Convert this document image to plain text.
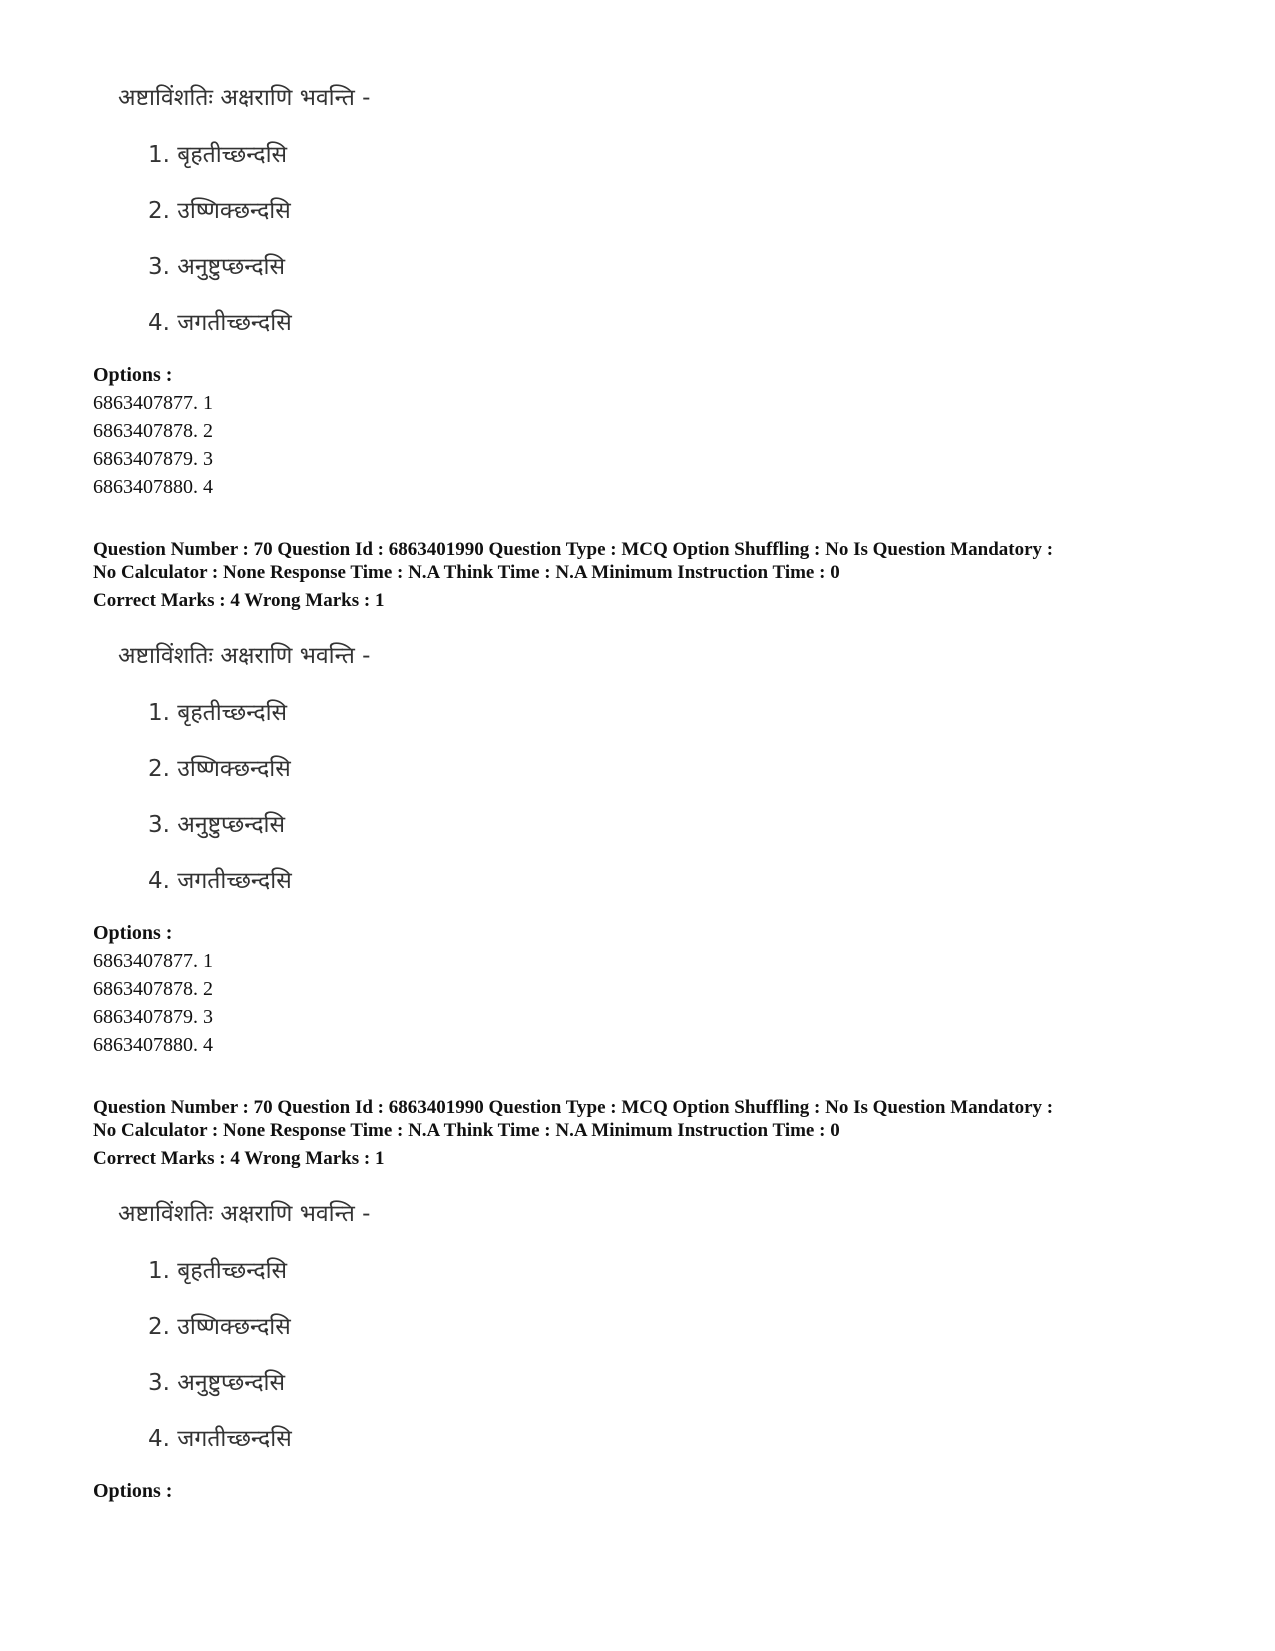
अष्टाविंशतिः अक्षराणि भवन्ति -
1. बृहतीच्छन्दसि
2. उष्णिक्छन्दसि
3. अनुष्टुप्छन्दसि
4. जगतीच्छन्दसि
Options :
6863407877. 1
6863407878. 2
6863407879. 3
6863407880. 4
Question Number : 70 Question Id : 6863401990 Question Type : MCQ Option Shuffling : No Is Question Mandatory :
No Calculator : None Response Time : N.A Think Time : N.A Minimum Instruction Time : 0
Correct Marks : 4 Wrong Marks : 1
अष्टाविंशतिः अक्षराणि भवन्ति -
1. बृहतीच्छन्दसि
2. उष्णिक्छन्दसि
3. अनुष्टुप्छन्दसि
4. जगतीच्छन्दसि
Options :
6863407877. 1
6863407878. 2
6863407879. 3
6863407880. 4
Question Number : 70 Question Id : 6863401990 Question Type : MCQ Option Shuffling : No Is Question Mandatory :
No Calculator : None Response Time : N.A Think Time : N.A Minimum Instruction Time : 0
Correct Marks : 4 Wrong Marks : 1
अष्टाविंशतिः अक्षराणि भवन्ति -
1. बृहतीच्छन्दसि
2. उष्णिक्छन्दसि
3. अनुष्टुप्छन्दसि
4. जगतीच्छन्दसि
Options :
